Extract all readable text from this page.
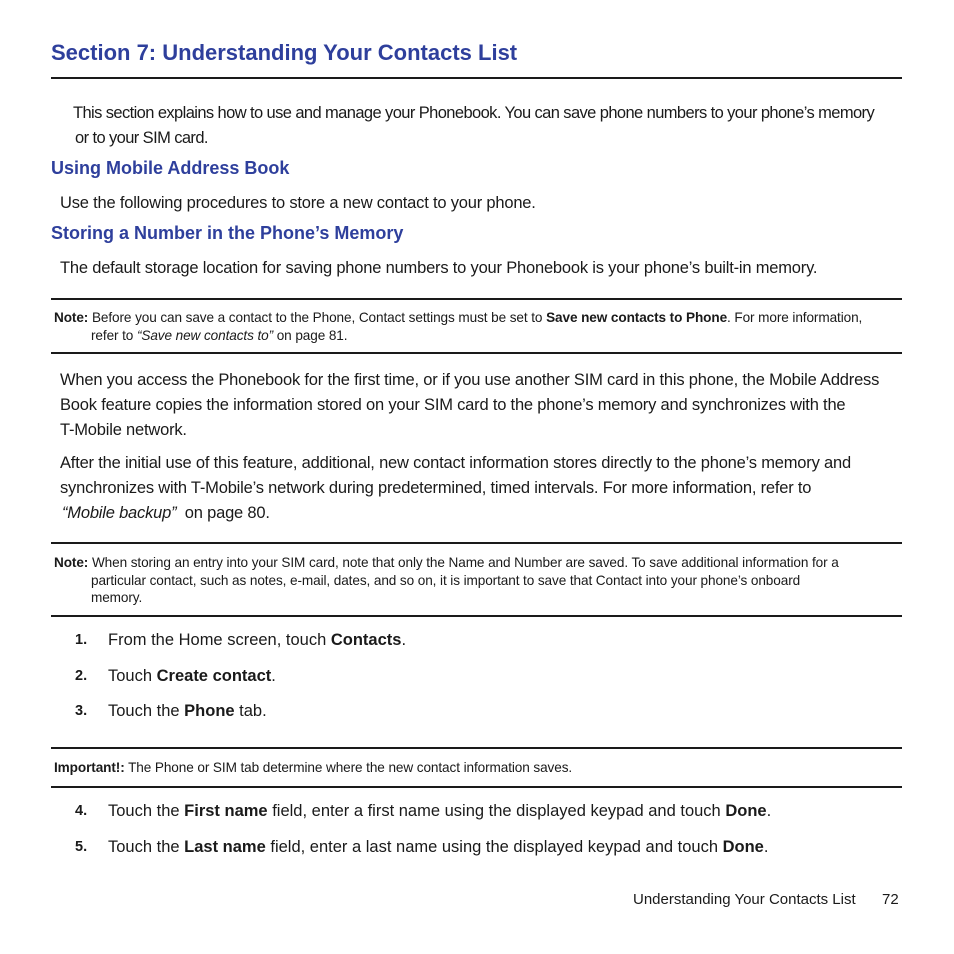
Section 7: Understanding Your Contacts List
This section explains how to use and manage your Phonebook. You can save phone numbers to your phone’s memory
or to your SIM card.
Using Mobile Address Book
Use the following procedures to store a new contact to your phone.
Storing a Number in the Phone’s Memory
The default storage location for saving phone numbers to your Phonebook is your phone’s built-in memory.
Note: Before you can save a contact to the Phone, Contact settings must be set to Save new contacts to Phone. For more information,
refer to “Save new contacts to” on page 81.
When you access the Phonebook for the first time, or if you use another SIM card in this phone, the Mobile Address
Book feature copies the information stored on your SIM card to the phone’s memory and synchronizes with the
T-Mobile network.
After the initial use of this feature, additional, new contact information stores directly to the phone’s memory and
synchronizes with T-Mobile’s network during predetermined, timed intervals. For more information, refer to
“Mobile backup” on page 80.
Note: When storing an entry into your SIM card, note that only the Name and Number are saved. To save additional information for a
particular contact, such as notes, e-mail, dates, and so on, it is important to save that Contact into your phone’s onboard
memory.
1. From the Home screen, touch Contacts.
2. Touch Create contact.
3. Touch the Phone tab.
Important!: The Phone or SIM tab determine where the new contact information saves.
4. Touch the First name field, enter a first name using the displayed keypad and touch Done.
5. Touch the Last name field, enter a last name using the displayed keypad and touch Done.
Understanding Your Contacts List 72
